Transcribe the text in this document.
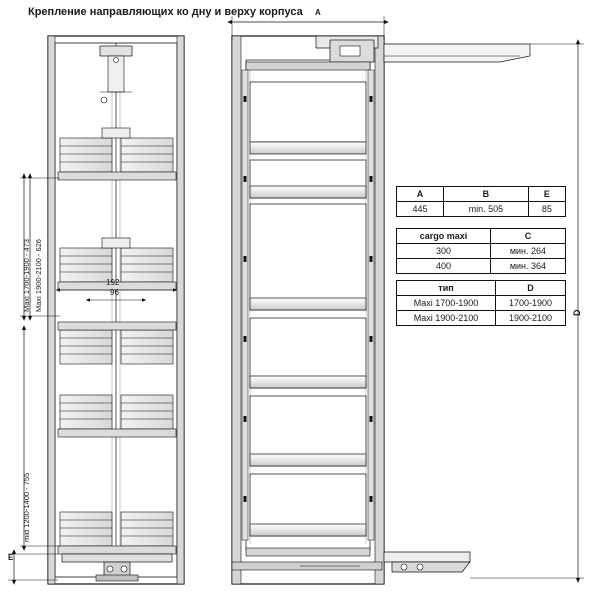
Крепление направляющих ко дну и верху корпуса
Maxi 1700-1900 - 473 Maxi 1900-2100 - 626
mid 1200-1400 - 755
E
192
96
A
D
A	B	E
445	min. 505	85
cargo maxi	C
300	мин. 264
400	мин. 364
тип	D
Maxi 1700-1900	1700-1900
Maxi 1900-2100	1900-2100
